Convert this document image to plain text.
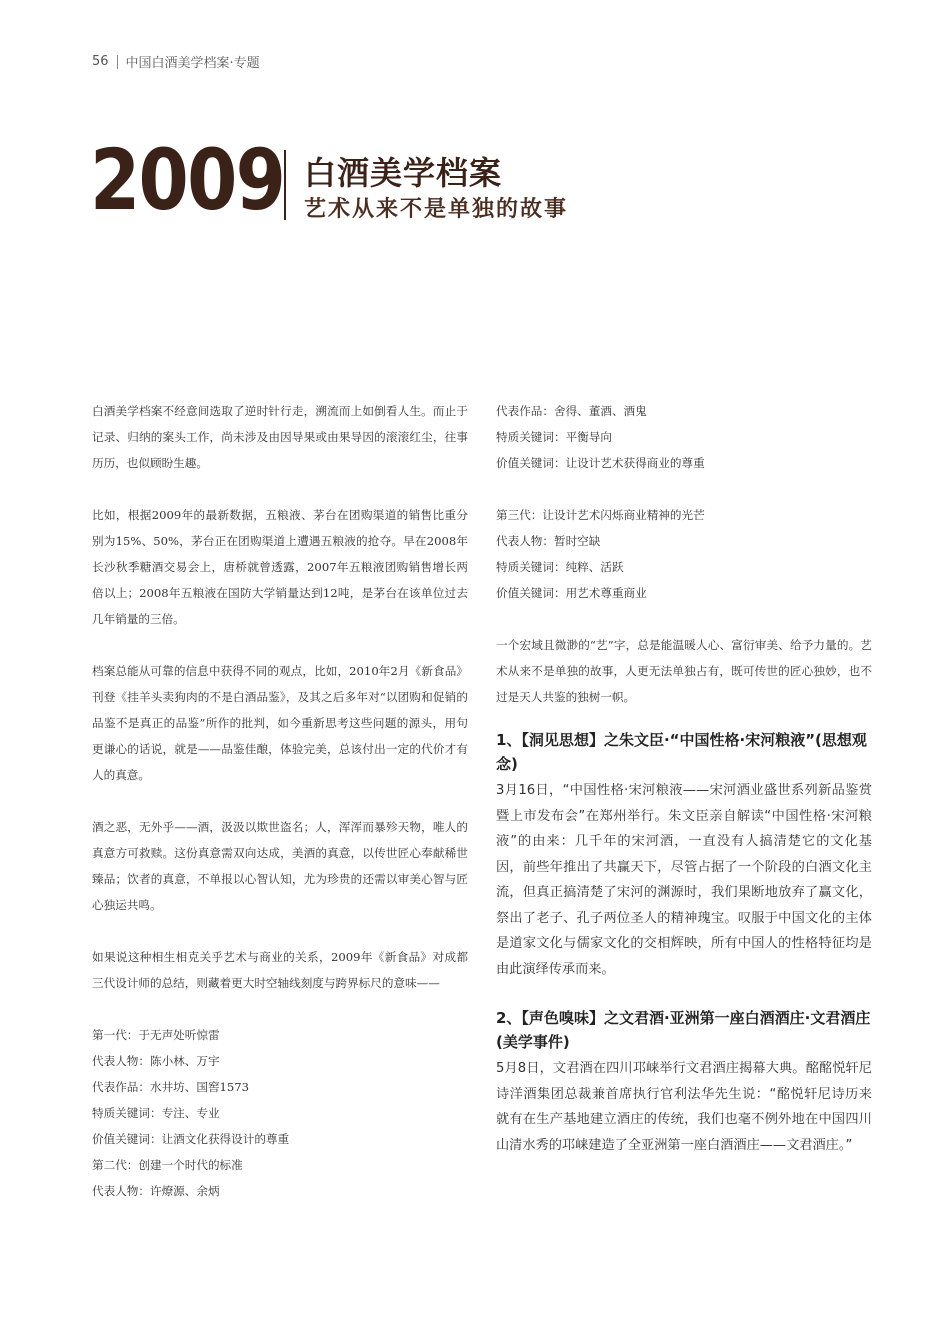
56 中国白酒美学档案·专题
2009 白酒美学档案
艺术从来不是单独的故事

白酒美学档案不经意间选取了逆时针行走，溯流而上如倒看人生。而止于记录、归纳的案头工作，尚未涉及由因导果或由果导因的滚滚红尘，往事历历，也似顾盼生趣。

比如，根据2009年的最新数据，五粮液、茅台在团购渠道的销售比重分别为15%、50%，茅台正在团购渠道上遭遇五粮液的抢夺。早在2008年长沙秋季糖酒交易会上，唐桥就曾透露，2007年五粮液团购销售增长两倍以上；2008年五粮液在国防大学销量达到12吨，是茅台在该单位过去几年销量的三倍。

档案总能从可靠的信息中获得不同的观点，比如，2010年2月《新食品》刊登《挂羊头卖狗肉的不是白酒品鉴》，及其之后多年对“以团购和促销的品鉴不是真正的品鉴”所作的批判，如今重新思考这些问题的源头，用句更谦心的话说，就是——品鉴佳酿，体验完美，总该付出一定的代价才有人的真意。

酒之恶，无外乎——酒，汲汲以欺世盗名；人，浑浑而暴殄天物，唯人的真意方可救赎。这份真意需双向达成，美酒的真意，以传世匠心奉献稀世臻品；饮者的真意，不单报以心智认知，尤为珍贵的还需以审美心智与匠心独运共鸣。

如果说这种相生相克关乎艺术与商业的关系，2009年《新食品》对成都三代设计师的总结，则藏着更大时空轴线刻度与跨界标尺的意味——

第一代：于无声处听惊雷
代表人物：陈小林、万宇
代表作品：水井坊、国窖1573
特质关键词：专注、专业
价值关键词：让酒文化获得设计的尊重
第二代：创建一个时代的标准
代表人物：许燎源、余炳
代表作品：舍得、董酒、酒鬼
特质关键词：平衡导向
价值关键词：让设计艺术获得商业的尊重
第三代：让设计艺术闪烁商业精神的光芒
代表人物：暂时空缺
特质关键词：纯粹、活跃
价值关键词：用艺术尊重商业

一个宏域且微渺的“艺”字，总是能温暖人心、富衍审美、给予力量的。艺术从来不是单独的故事，人更无法单独占有，既可传世的匠心独妙，也不过是天人共鉴的独树一帜。

1、【洞见思想】之朱文臣·“中国性格·宋河粮液”(思想观念)

3月16日，“中国性格·宋河粮液——宋河酒业盛世系列新品鉴赏暨上市发布会”在郑州举行。朱文臣亲自解读“中国性格·宋河粮液”的由来：几千年的宋河酒，一直没有人搞清楚它的文化基因，前些年推出了共赢天下，尽管占据了一个阶段的白酒文化主流，但真正搞清楚了宋河的渊源时，我们果断地放弃了赢文化，祭出了老子、孔子两位圣人的精神瑰宝。叹服于中国文化的主体是道家文化与儒家文化的交相辉映，所有中国人的性格特征均是由此演绎传承而来。

2、【声色嗅味】之文君酒·亚洲第一座白酒酒庄·文君酒庄(美学事件)

5月8日，文君酒在四川邛崃举行文君酒庄揭幕大典。酩酩悦轩尼诗洋酒集团总裁兼首席执行官利法华先生说：“酩悦轩尼诗历来就有在生产基地建立酒庄的传统，我们也毫不例外地在中国四川山清水秀的邛崃建造了全亚洲第一座白酒酒庄——文君酒庄。”
